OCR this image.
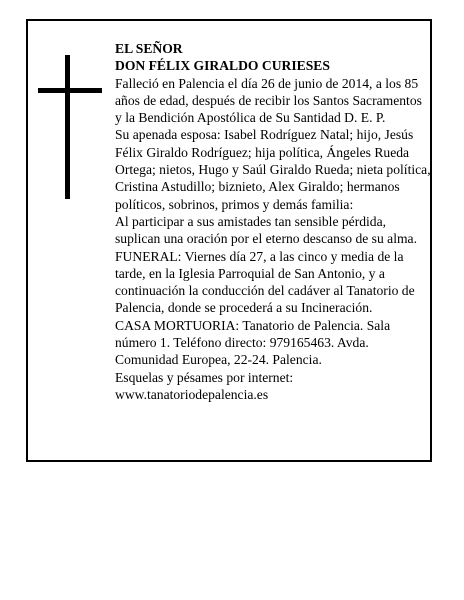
EL SEÑOR

DON FÉLIX GIRALDO CURIESES

Falleció en Palencia el día 26 de junio de 2014, a los 85 años de edad, después de recibir los Santos Sacramentos y la Bendición Apostólica de Su Santidad D. E. P.

Su apenada esposa: Isabel Rodríguez Natal; hijo, Jesús Félix Giraldo Rodríguez; hija política, Ángeles Rueda Ortega; nietos, Hugo y Saúl Giraldo Rueda; nieta política, Cristina Astudillo; biznieto, Alex Giraldo; hermanos políticos, sobrinos, primos y demás familia:

Al participar a sus amistades tan sensible pérdida, suplican una oración por el eterno descanso de su alma.

FUNERAL: Viernes día 27, a las cinco y media de la tarde, en la Iglesia Parroquial de San Antonio, y a continuación la conducción del cadáver al Tanatorio de Palencia, donde se procederá a su Incineración.

CASA MORTUORIA: Tanatorio de Palencia. Sala número 1. Teléfono directo: 979165463. Avda. Comunidad Europea, 22-24. Palencia.

Esquelas y pésames por internet:

www.tanatoriodepalencia.es
